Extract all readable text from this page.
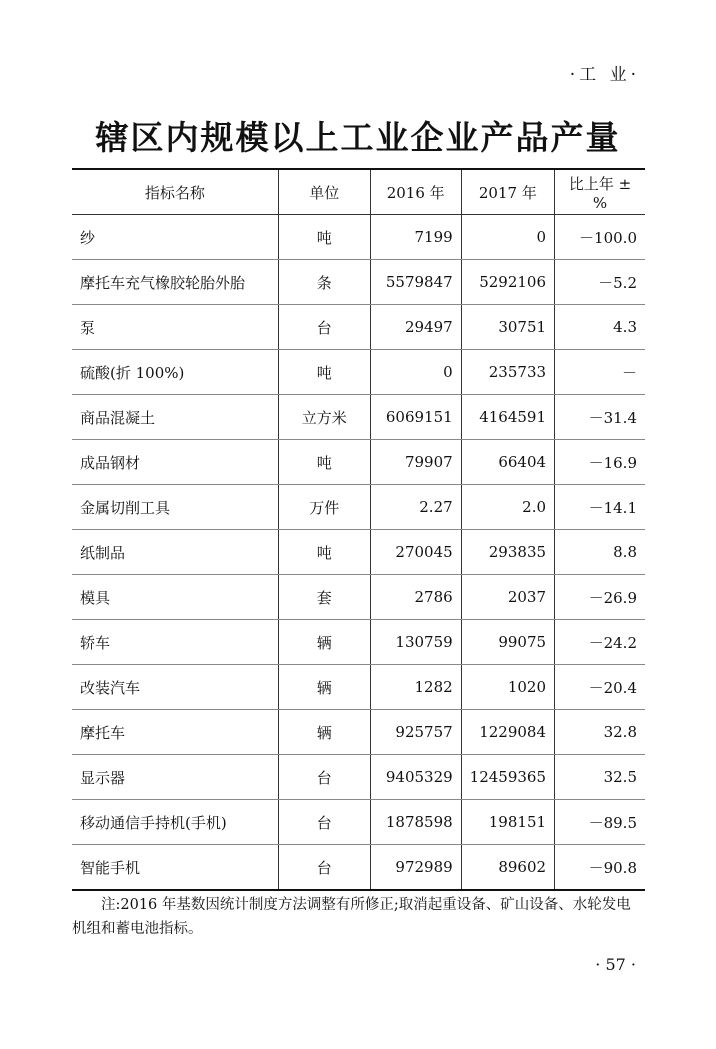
·工 业·
辖区内规模以上工业企业产品产量
指标名称	单位	2016 年	2017 年	比上年 ± %
纱	吨	7199	0	－100.0
摩托车充气橡胶轮胎外胎	条	5579847	5292106	－5.2
泵	台	29497	30751	4.3
硫酸(折 100%)	吨	0	235733	－
商品混凝土	立方米	6069151	4164591	－31.4
成品钢材	吨	79907	66404	－16.9
金属切削工具	万件	2.27	2.0	－14.1
纸制品	吨	270045	293835	8.8
模具	套	2786	2037	－26.9
轿车	辆	130759	99075	－24.2
改装汽车	辆	1282	1020	－20.4
摩托车	辆	925757	1229084	32.8
显示器	台	9405329	12459365	32.5
移动通信手持机(手机)	台	1878598	198151	－89.5
智能手机	台	972989	89602	－90.8

注:2016 年基数因统计制度方法调整有所修正;取消起重设备、矿山设备、水轮发电机组和蓄电池指标。

· 57 ·
